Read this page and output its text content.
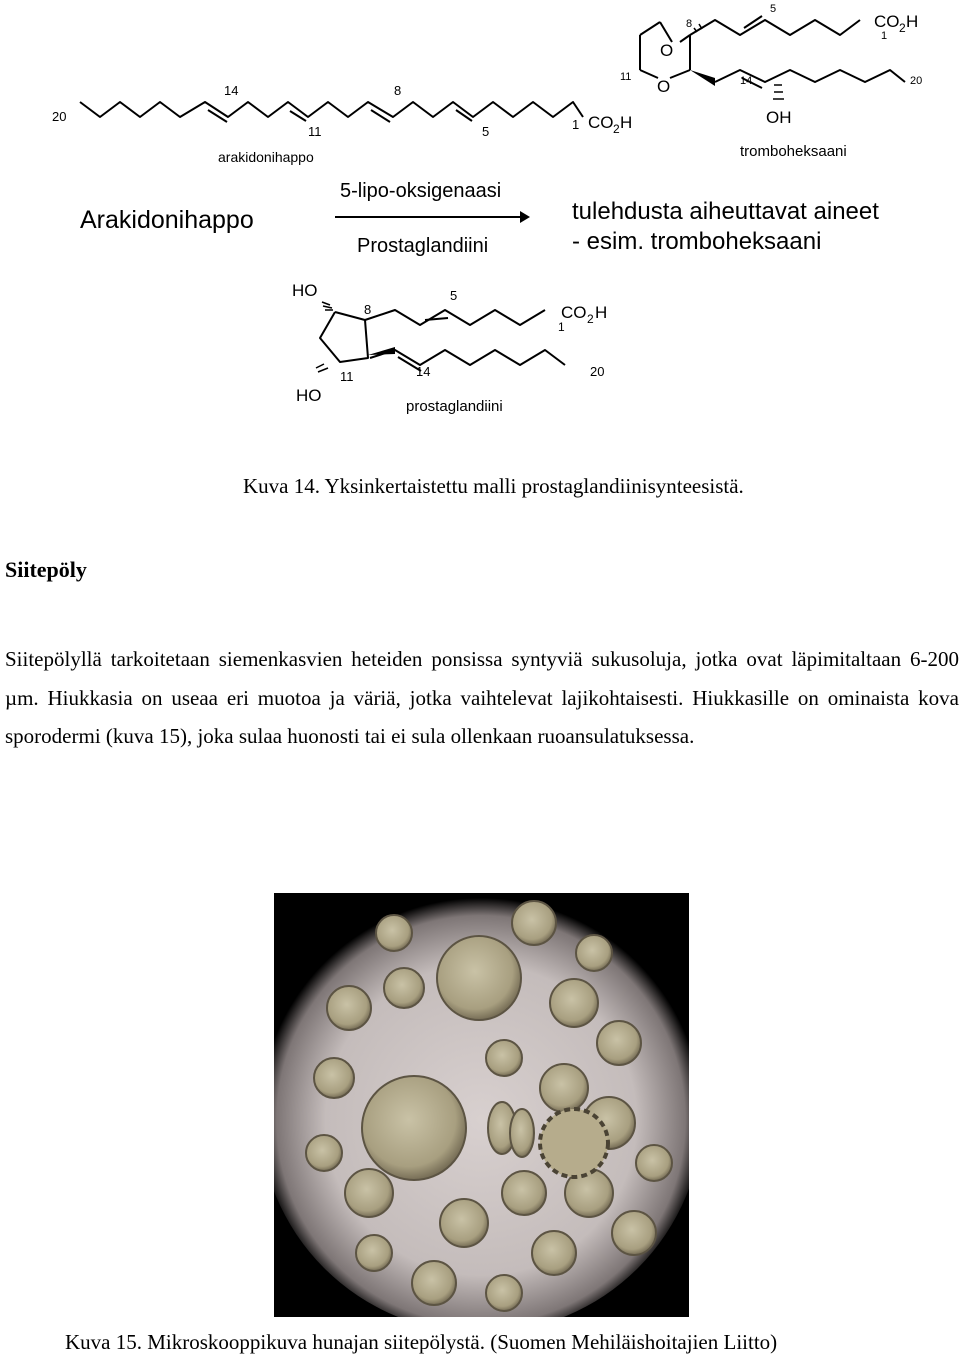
20
14	8
11	5	1 CO 2 H
arakidonihappo
O
O
8
5
11	14	20
1
CO 2 H
OH
tromboheksaani
Arakidonihappo
5-lipo-oksigenaasi
Prostaglandiini
tulehdusta aiheuttavat aineet
- esim. tromboheksaani
HO
HO
8
5
1
CO 2 H
11	14	20
prostaglandiini
Kuva 14. Yksinkertaistettu malli prostaglandiinisynteesistä.
Siitepöly
Siitepölyllä tarkoitetaan siemenkasvien heteiden ponsissa syntyviä sukusoluja, jotka ovat läpimitaltaan 6-200 µm. Hiukkasia on useaa eri muotoa ja väriä, jotka vaihtelevat lajikohtaisesti. Hiukkasille on ominaista kova sporodermi (kuva 15), joka sulaa huonosti tai ei sula ollenkaan ruoansulatuksessa.
Kuva 15. Mikroskooppikuva hunajan siitepölystä. (Suomen Mehiläishoitajien Liitto)
